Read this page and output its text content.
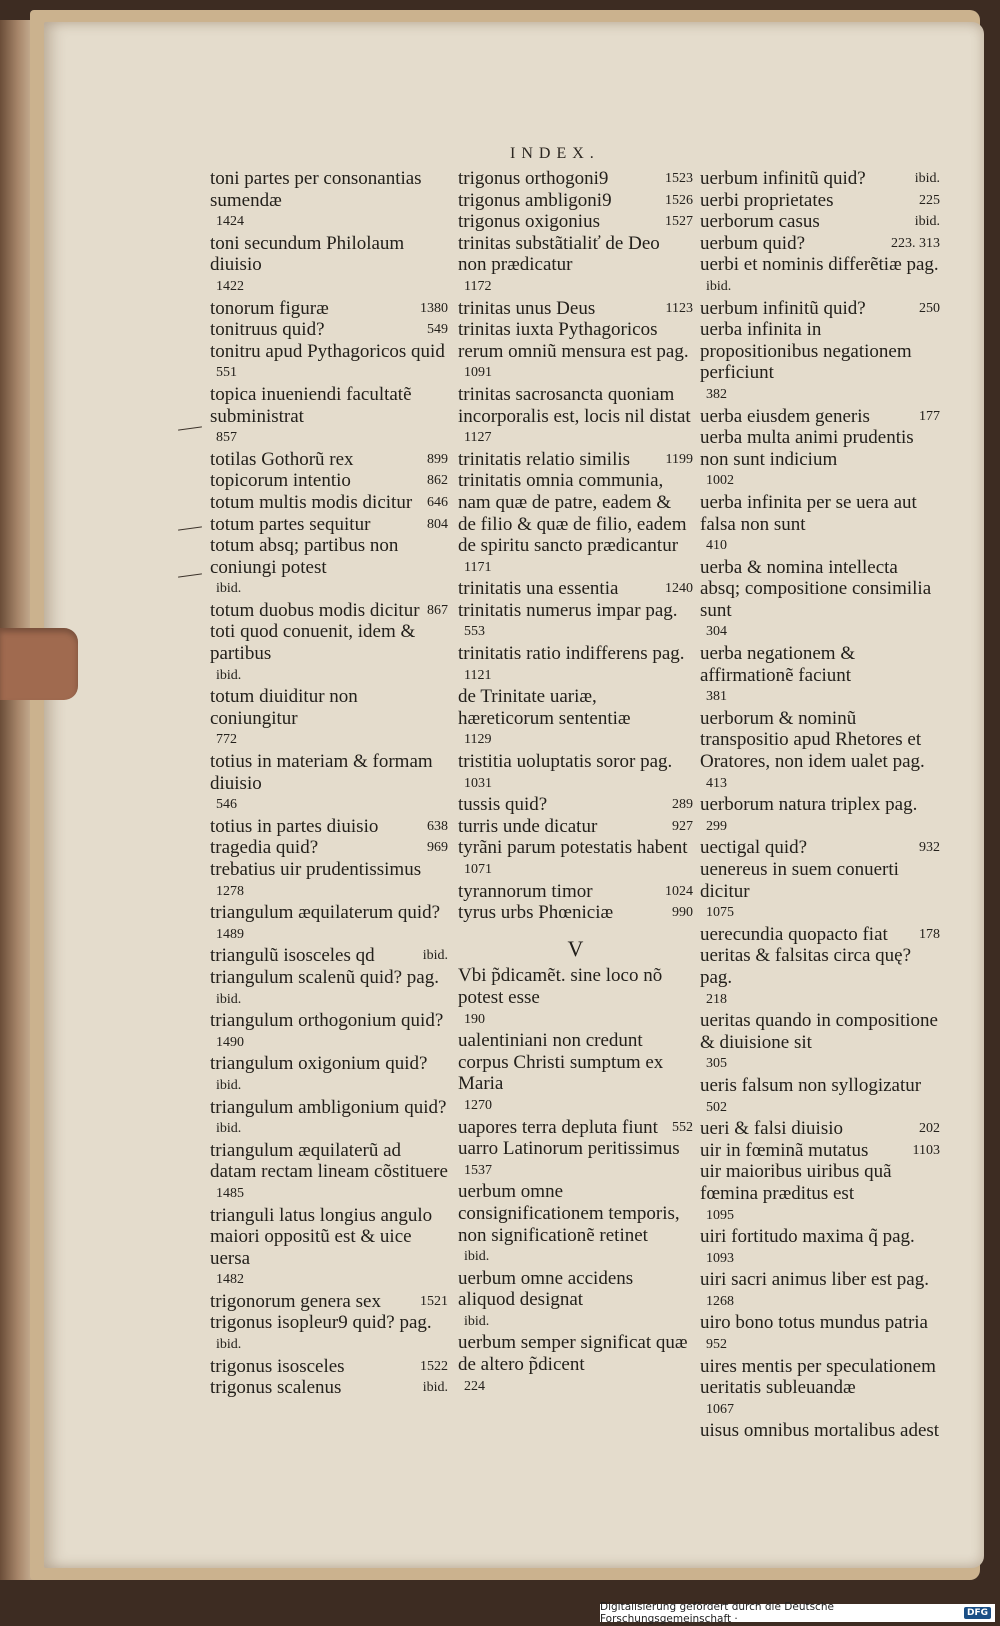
INDEX.
toni partes per consonantias sumendæ
1424
toni secundum Philolaum diuisio
1422
tonorum figuræ	1380
tonitruus quid?	549
tonitru apud Pythagoricos quid
551
topica inueniendi facultatẽ subministrat
857
totilas Gothorũ rex	899
topicorum intentio	862
totum multis modis dicitur	646
totum partes sequitur	804
totum absq; partibus non coniungi potest
ibid.
totum duobus modis dicitur 867
toti quod conuenit, idem & partibus
ibid.
totum diuiditur non coniungitur
772
totius in materiam & formam diuisio
546
totius in partes diuisio	638
tragedia quid?	969
trebatius uir prudentissimus
1278
triangulum æquilaterum quid?
1489
triangulũ isosceles qd	ibid.
triangulum scalenũ quid? pag.
ibid.
triangulum orthogonium quid?
1490
triangulum oxigonium quid?
ibid.
triangulum ambligonium quid?
ibid.
triangulum æquilaterũ ad datam rectam lineam cõstituere
1485
trianguli latus longius angulo maiori oppositũ est & uice uersa
1482
trigonorum genera sex	1521
trigonus isopleur9 quid? pag.
ibid.
trigonus isosceles	1522
trigonus scalenus	ibid.
trigonus orthogoni9	1523
trigonus ambligoni9	1526
trigonus oxigonius	1527
trinitas substãtialiť de Deo non prædicatur
1172
trinitas unus Deus	1123
trinitas iuxta Pythagoricos rerum omniũ mensura est pag.
1091
trinitas sacrosancta quoniam incorporalis est, locis nil distat
1127
trinitatis relatio similis	1199
trinitatis omnia communia, nam quæ de patre, eadem & de filio & quæ de filio, eadem de spiritu sancto prædicantur
1171
trinitatis una essentia	1240
trinitatis numerus impar pag.
553
trinitatis ratio indifferens pag.
1121
de Trinitate uariæ, hæreticorum sententiæ
1129
tristitia uoluptatis soror pag.
1031
tussis quid?	289
turris unde dicatur	927
tyrãni parum potestatis habent
1071
tyrannorum timor	1024
tyrus urbs Phœniciæ	990
V
Vbi p̃dicamẽt. sine loco nõ potest esse
190
ualentiniani non credunt corpus Christi sumptum ex Maria
1270
uapores terra depluta fiunt	552
uarro Latinorum peritissimus
1537
uerbum omne consignificationem temporis, non significationẽ retinet
ibid.
uerbum omne accidens aliquod designat
ibid.
uerbum semper significat quæ de altero p̃dicent
224
uerbum infinitũ quid?	ibid.
uerbi proprietates	225
uerborum casus	ibid.
uerbum quid?	223. 313
uerbi et nominis differẽtiæ pag.
ibid.
uerbum infinitũ quid?	250
uerba infinita in propositionibus negationem perficiunt
382
uerba eiusdem generis	177
uerba multa animi prudentis non sunt indicium
1002
uerba infinita per se uera aut falsa non sunt
410
uerba & nomina intellecta absq; compositione consimilia sunt
304
uerba negationem & affirmationẽ faciunt
381
uerborum & nominũ transpositio apud Rhetores et Oratores, non idem ualet pag.
413
uerborum natura triplex pag.
299
uectigal quid?	932
uenereus in suem conuerti dicitur
1075
uerecundia quopacto fiat	178
ueritas & falsitas circa quę? pag.
218
ueritas quando in compositione & diuisione sit
305
ueris falsum non syllogizatur
502
ueri & falsi diuisio	202
uir in fœminã mutatus	1103
uir maioribus uiribus quã fœmina præditus est
1095
uiri fortitudo maxima q̃ pag.
1093
uiri sacri animus liber est pag.
1268
uiro bono totus mundus patria
952
uires mentis per speculationem ueritatis subleuandæ
1067
uisus omnibus mortalibus adest
Digitalisierung gefördert durch die Deutsche Forschungsgemeinschaft ·	DFG
